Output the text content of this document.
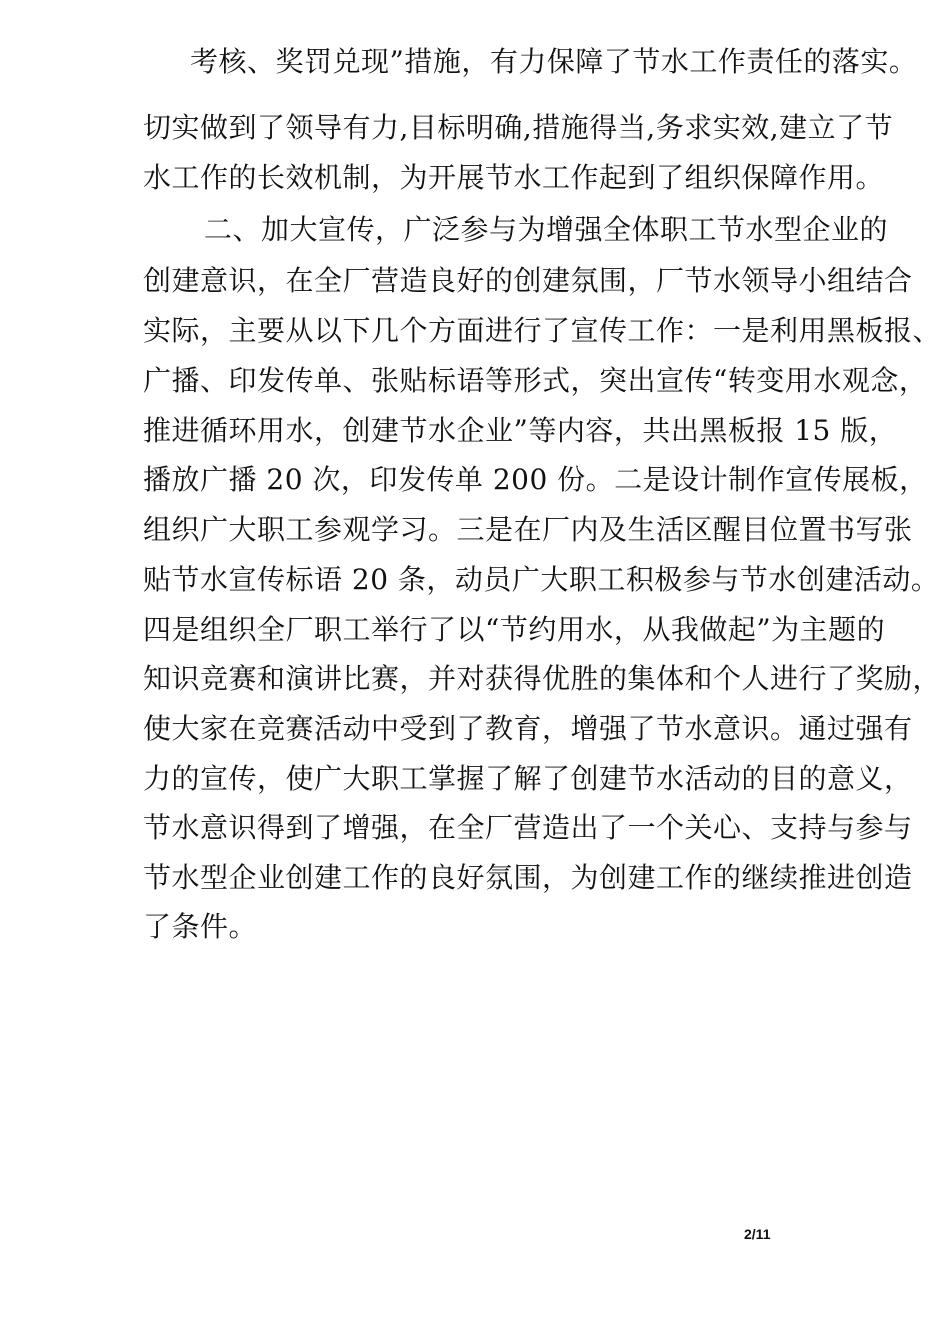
考核、奖罚兑现”措施，有力保障了节水工作责任的落实。
切实做到了领导有力,目标明确,措施得当,务求实效,建立了节
水工作的长效机制，为开展节水工作起到了组织保障作用。
二、加大宣传，广泛参与为增强全体职工节水型企业的
创建意识，在全厂营造良好的创建氛围，厂节水领导小组结合
实际，主要从以下几个方面进行了宣传工作：一是利用黑板报、
广播、印发传单、张贴标语等形式，突出宣传“转变用水观念，
推进循环用水，创建节水企业”等内容，共出黑板报 15 版，
播放广播 20 次，印发传单 200 份。二是设计制作宣传展板，
组织广大职工参观学习。三是在厂内及生活区醒目位置书写张
贴节水宣传标语 20 条，动员广大职工积极参与节水创建活动。
四是组织全厂职工举行了以“节约用水，从我做起”为主题的
知识竞赛和演讲比赛，并对获得优胜的集体和个人进行了奖励，
使大家在竞赛活动中受到了教育，增强了节水意识。通过强有
力的宣传，使广大职工掌握了解了创建节水活动的目的意义，
节水意识得到了增强，在全厂营造出了一个关心、支持与参与
节水型企业创建工作的良好氛围，为创建工作的继续推进创造
了条件。
2/11
